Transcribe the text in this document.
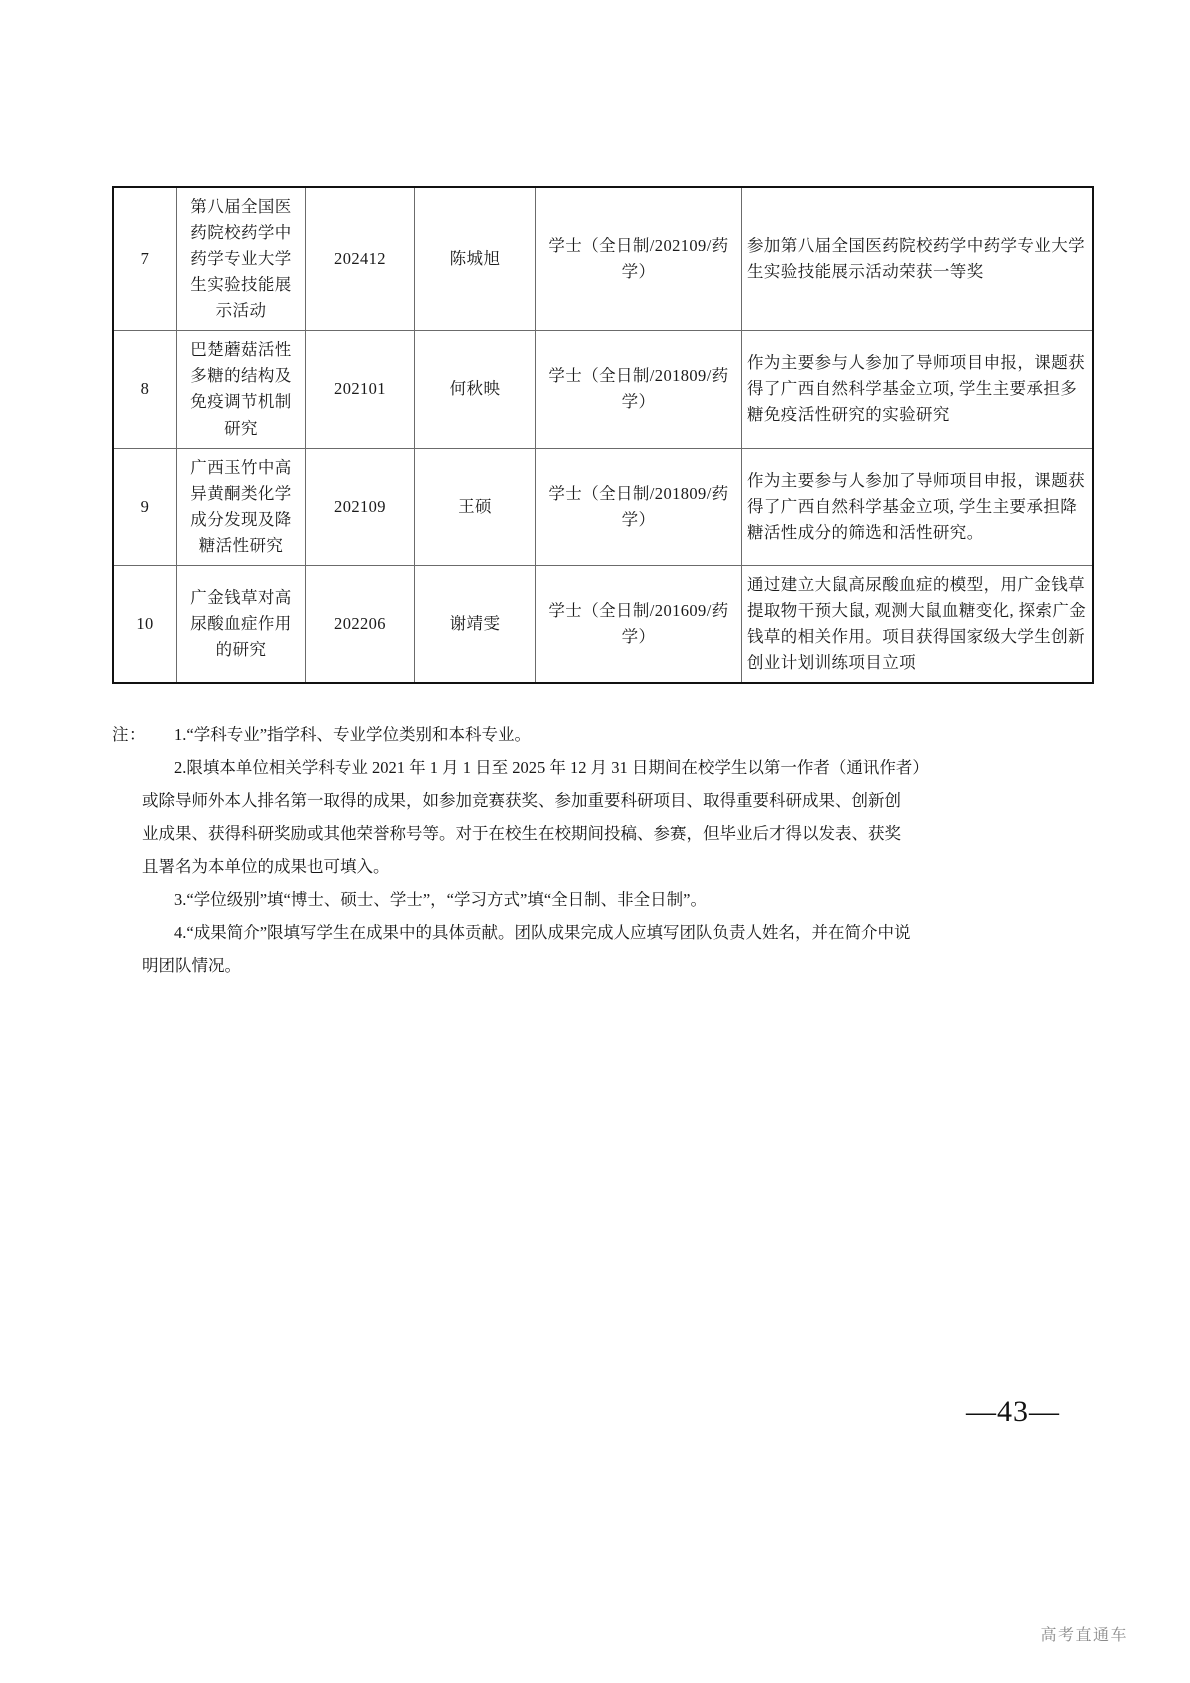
7	第八届全国医药院校药学中药学专业大学生实验技能展示活动	202412	陈城旭	学士（全日制/202109/药学）	参加第八届全国医药院校药学中药学专业大学生实验技能展示活动荣获一等奖
8	巴楚蘑菇活性多糖的结构及免疫调节机制研究	202101	何秋映	学士（全日制/201809/药学）	作为主要参与人参加了导师项目申报，课题获得了广西自然科学基金立项, 学生主要承担多糖免疫活性研究的实验研究
9	广西玉竹中高异黄酮类化学成分发现及降糖活性研究	202109	王硕	学士（全日制/201809/药学）	作为主要参与人参加了导师项目申报，课题获得了广西自然科学基金立项, 学生主要承担降糖活性成分的筛选和活性研究。
10	广金钱草对高尿酸血症作用的研究	202206	谢靖雯	学士（全日制/201609/药学）	通过建立大鼠高尿酸血症的模型，用广金钱草提取物干预大鼠, 观测大鼠血糖变化, 探索广金钱草的相关作用。项目获得国家级大学生创新创业计划训练项目立项
注：	1.“学科专业”指学科、专业学位类别和本科专业。
2.限填本单位相关学科专业 2021 年 1 月 1 日至 2025 年 12 月 31 日期间在校学生以第一作者（通讯作者）
或除导师外本人排名第一取得的成果，如参加竞赛获奖、参加重要科研项目、取得重要科研成果、创新创
业成果、获得科研奖励或其他荣誉称号等。对于在校生在校期间投稿、参赛，但毕业后才得以发表、获奖
且署名为本单位的成果也可填入。
3.“学位级别”填“博士、硕士、学士”，“学习方式”填“全日制、非全日制”。
4.“成果简介”限填写学生在成果中的具体贡献。团队成果完成人应填写团队负责人姓名，并在简介中说
明团队情况。
—43—
高考直通车
